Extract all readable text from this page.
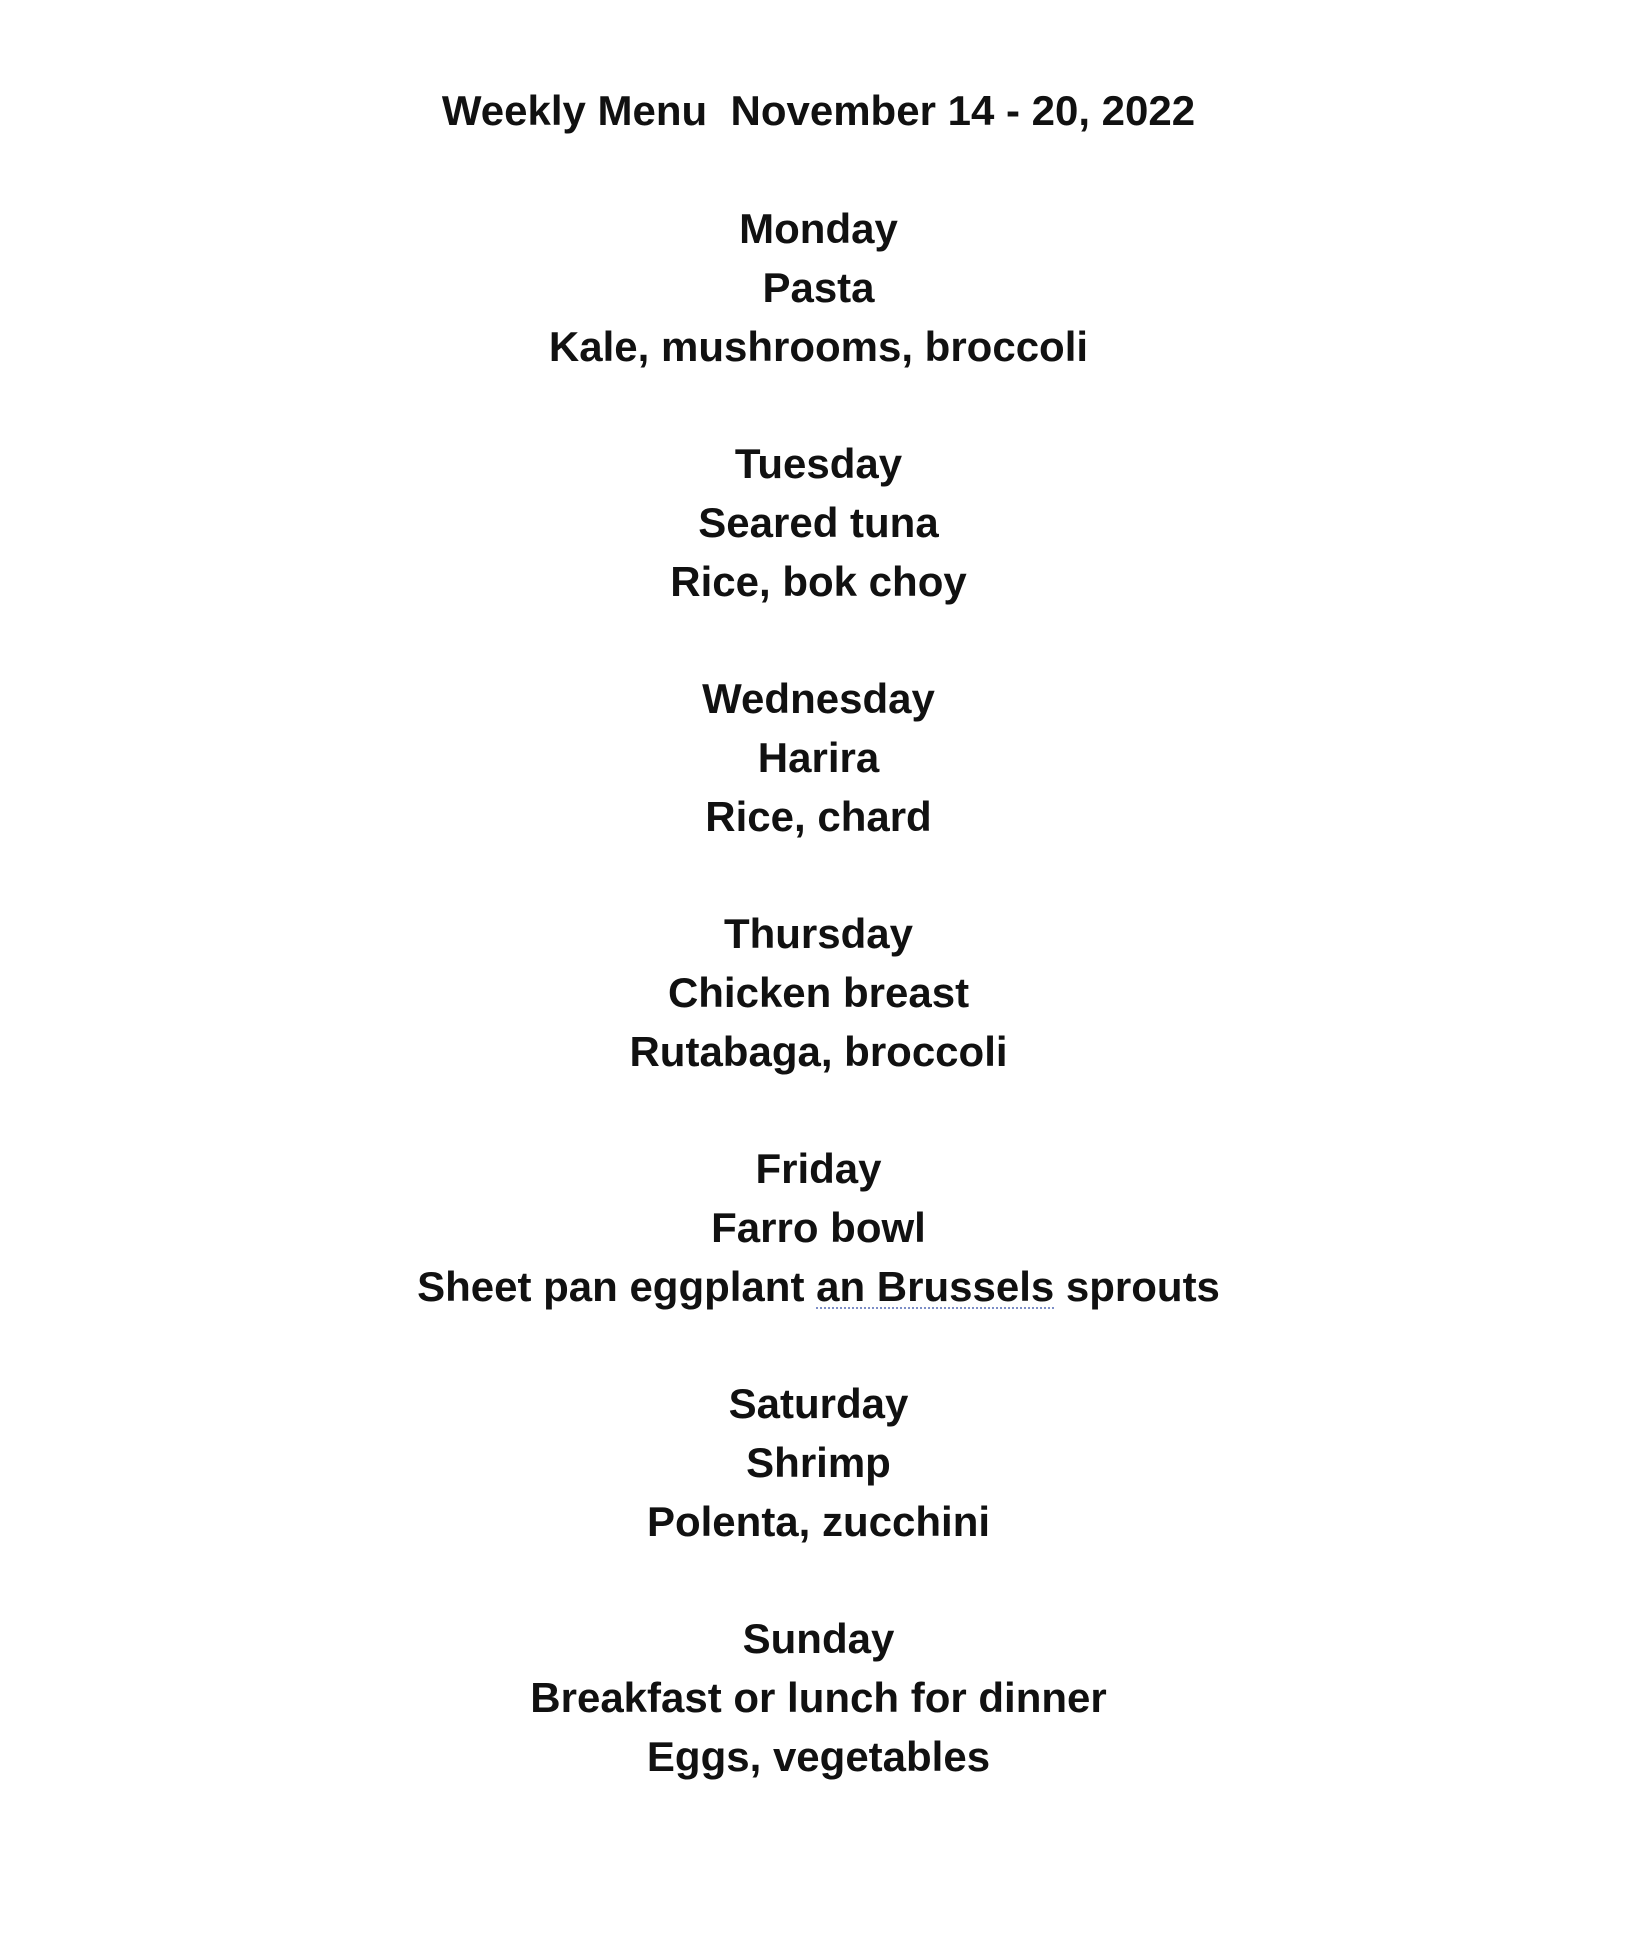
Weekly Menu  November 14 - 20, 2022
Monday
Pasta
Kale, mushrooms, broccoli
Tuesday
Seared tuna
Rice, bok choy
Wednesday
Harira
Rice, chard
Thursday
Chicken breast
Rutabaga, broccoli
Friday
Farro bowl
Sheet pan eggplant an Brussels sprouts
Saturday
Shrimp
Polenta, zucchini
Sunday
Breakfast or lunch for dinner
Eggs, vegetables
